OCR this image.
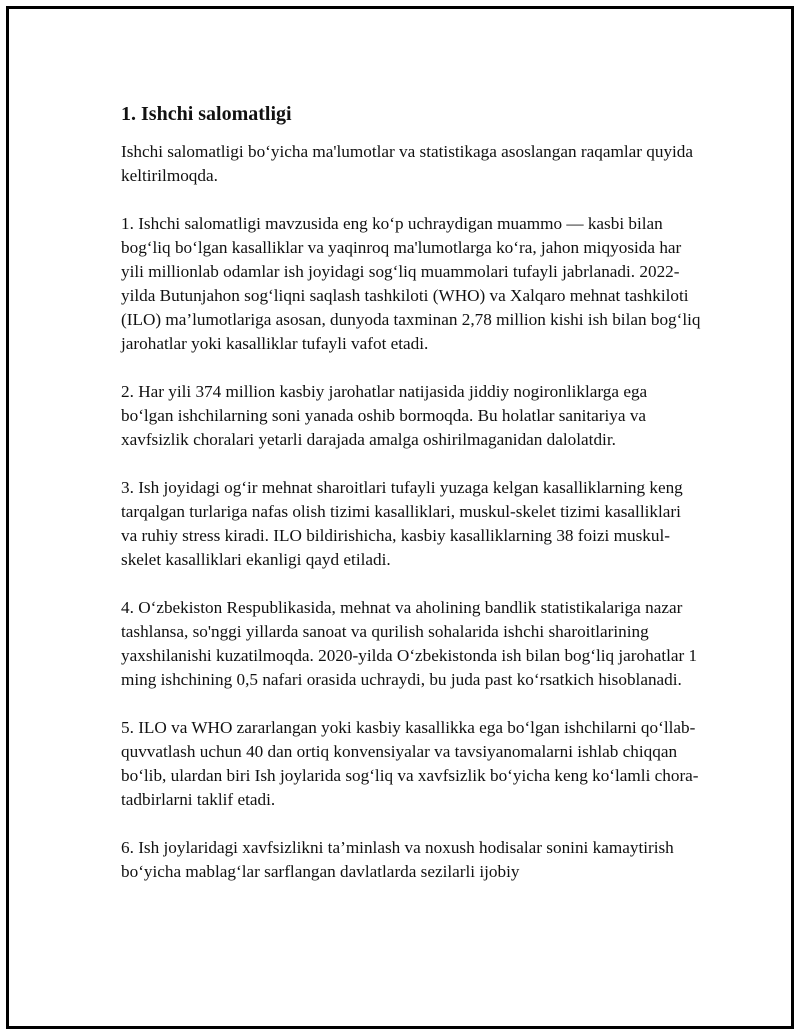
1. Ishchi salomatligi

Ishchi salomatligi bo‘yicha ma'lumotlar va statistikaga asoslangan raqamlar quyida keltirilmoqda.

1. Ishchi salomatligi mavzusida eng ko‘p uchraydigan muammo — kasbi bilan bog‘liq bo‘lgan kasalliklar va yaqinroq ma'lumotlarga ko‘ra, jahon miqyosida har yili millionlab odamlar ish joyidagi sog‘liq muammolari tufayli jabrlanadi. 2022-yilda Butunjahon sog‘liqni saqlash tashkiloti (WHO) va Xalqaro mehnat tashkiloti (ILO) ma’lumotlariga asosan, dunyoda taxminan 2,78 million kishi ish bilan bog‘liq jarohatlar yoki kasalliklar tufayli vafot etadi.

2. Har yili 374 million kasbiy jarohatlar natijasida jiddiy nogironliklarga ega bo‘lgan ishchilarning soni yanada oshib bormoqda. Bu holatlar sanitariya va xavfsizlik choralari yetarli darajada amalga oshirilmaganidan dalolatdir.

3. Ish joyidagi og‘ir mehnat sharoitlari tufayli yuzaga kelgan kasalliklarning keng tarqalgan turlariga nafas olish tizimi kasalliklari, muskul-skelet tizimi kasalliklari va ruhiy stress kiradi. ILO bildirishicha, kasbiy kasalliklarning 38 foizi muskul-skelet kasalliklari ekanligi qayd etiladi.

4. O‘zbekiston Respublikasida, mehnat va aholining bandlik statistikalariga nazar tashlansa, so'nggi yillarda sanoat va qurilish sohalarida ishchi sharoitlarining yaxshilanishi kuzatilmoqda. 2020-yilda O‘zbekistonda ish bilan bog‘liq jarohatlar 1 ming ishchining 0,5 nafari orasida uchraydi, bu juda past ko‘rsatkich hisoblanadi.

5. ILO va WHO zararlangan yoki kasbiy kasallikka ega bo‘lgan ishchilarni qo‘llab-quvvatlash uchun 40 dan ortiq konvensiyalar va tavsiyanomalarni ishlab chiqqan bo‘lib, ulardan biri Ish joylarida sog‘liq va xavfsizlik bo‘yicha keng ko‘lamli chora-tadbirlarni taklif etadi.

6. Ish joylaridagi xavfsizlikni ta’minlash va noxush hodisalar sonini kamaytirish bo‘yicha mablag‘lar sarflangan davlatlarda sezilarli ijobiy
